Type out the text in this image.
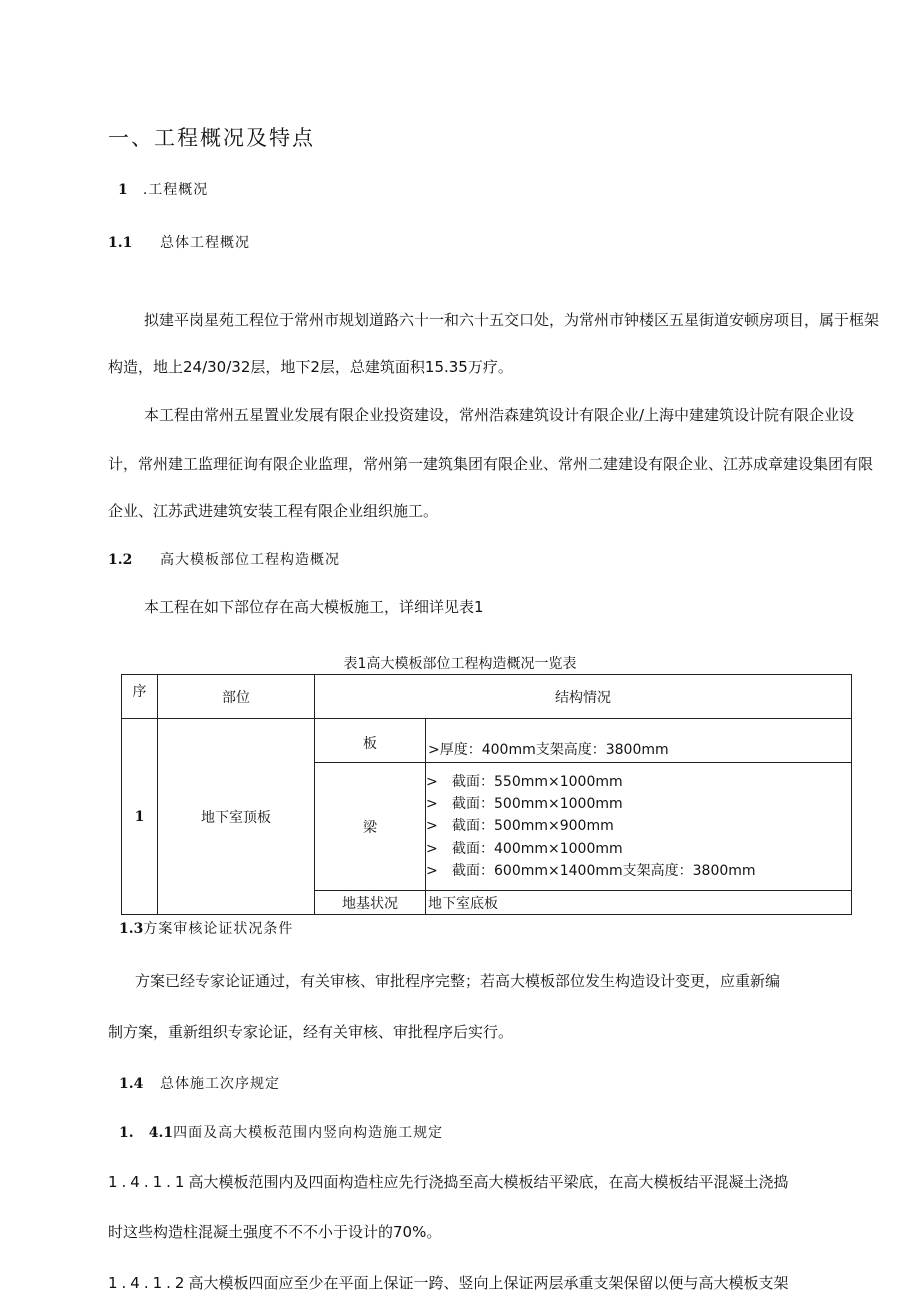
一、工程概况及特点
1 .工程概况
1.1 总体工程概况
拟建平岗星苑工程位于常州市规划道路六十一和六十五交口处，为常州市钟楼区五星街道安顿房项目，属于框架
构造，地上24/30/32层，地下2层，总建筑面积15.35万疗。
本工程由常州五星置业发展有限企业投资建设，常州浩森建筑设计有限企业/上海中建建筑设计院有限企业设
计，常州建工监理征询有限企业监理，常州第一建筑集团有限企业、常州二建建设有限企业、江苏成章建设集团有限
企业、江苏武进建筑安装工程有限企业组织施工。
1.2 高大模板部位工程构造概况
本工程在如下部位存在高大模板施工，详细详见表1
表1高大模板部位工程构造概况一览表
序	部位	结构情况	
1	地下室顶板	板	>厚度：400mm支架高度：3800mm
		梁	> 截面：550mm×1000mm
> 截面：500mm×1000mm
> 截面：500mm×900mm
> 截面：400mm×1000mm
> 截面：600mm×1400mm支架高度：3800mm

		地基状况	地下室底板
1.3方案审核论证状况条件
方案已经专家论证通过，有关审核、审批程序完整；若高大模板部位发生构造设计变更，应重新编
制方案，重新组织专家论证，经有关审核、审批程序后实行。
1.4 总体施工次序规定
1. 4.1四面及高大模板范围内竖向构造施工规定
1.4.1.1高大模板范围内及四面构造柱应先行浇捣至高大模板结平梁底，在高大模板结平混凝土浇捣
时这些构造柱混凝土强度不不不小于设计的70%。
1.4.1.2高大模板四面应至少在平面上保证一跨、竖向上保证两层承重支架保留以便与高大模板支架
